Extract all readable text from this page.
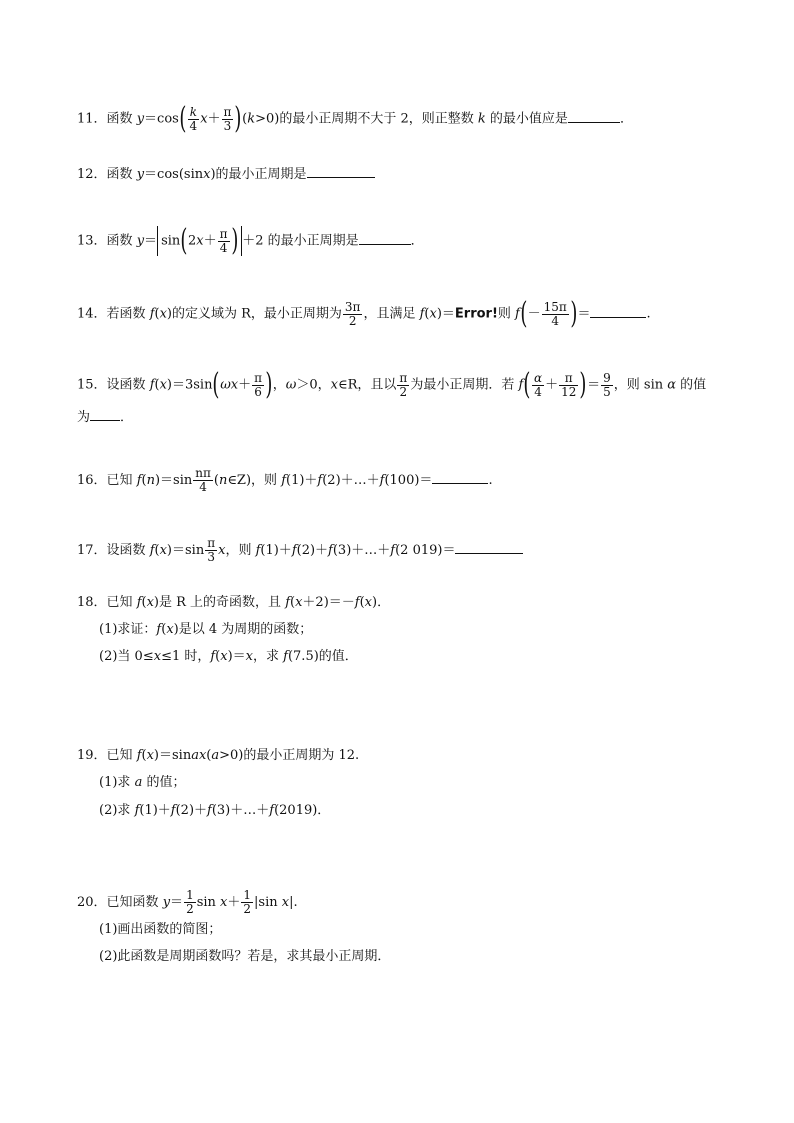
11．函数 $y=\cos( \frac{k}{4} x+ \frac{\pi}{3} )(k>0)$的最小正周期不大于 2，则正整数 k 的最小值应是	．
12．函数 y＝cos(sinx)的最小正周期是
13．函数 $y= \sin(2x+ \frac{\pi}{4}$ ) ＋2 的最小正周期是	．
14．若函数 f(x)的定义域为 R，最小正周期为 $\frac{3\pi}{2}$ ，且满足 f(x)＝Error!则 $f(- \frac{15\pi}{4}$ )＝	.
15．设函数 $f(x)=3\sin(\omega x+ \frac{\pi}{6}$ )，ω＞0，x∈R，且以 $\frac{\pi}{2}$ 为最小正周期．若 $f( \frac{\alpha}{4} + \frac{\pi}{12}$ )＝ $\frac{9}{5}$ ，则 sin α 的值
为 ．
16．已知 $f(n)=\sin \frac{n\pi}{4}$ (n∈Z)，则 f(1)＋f(2)＋…＋f(100)＝	.
17．设函数 $f(x)=\sin \frac{\pi}{3}$ x，则 f(1)＋f(2)＋f(3)＋…＋f(2 019)＝
18．已知 f(x)是 R 上的奇函数，且 f(x＋2)＝－f(x)．
(1)求证：f(x)是以 4 为周期的函数；
(2)当 0≤x≤1 时，f(x)＝x，求 f(7.5)的值．
19．已知 f(x)＝sinax(a>0)的最小正周期为 12.
(1)求 a 的值；
(2)求 f(1)＋f(2)＋f(3)＋…＋f(2019)．
20．已知函数 $y= \frac{1}{2}$ $\sin x+ \frac{1}{2} |\sin$ x|.
(1)画出函数的简图；
(2)此函数是周期函数吗？若是，求其最小正周期．
